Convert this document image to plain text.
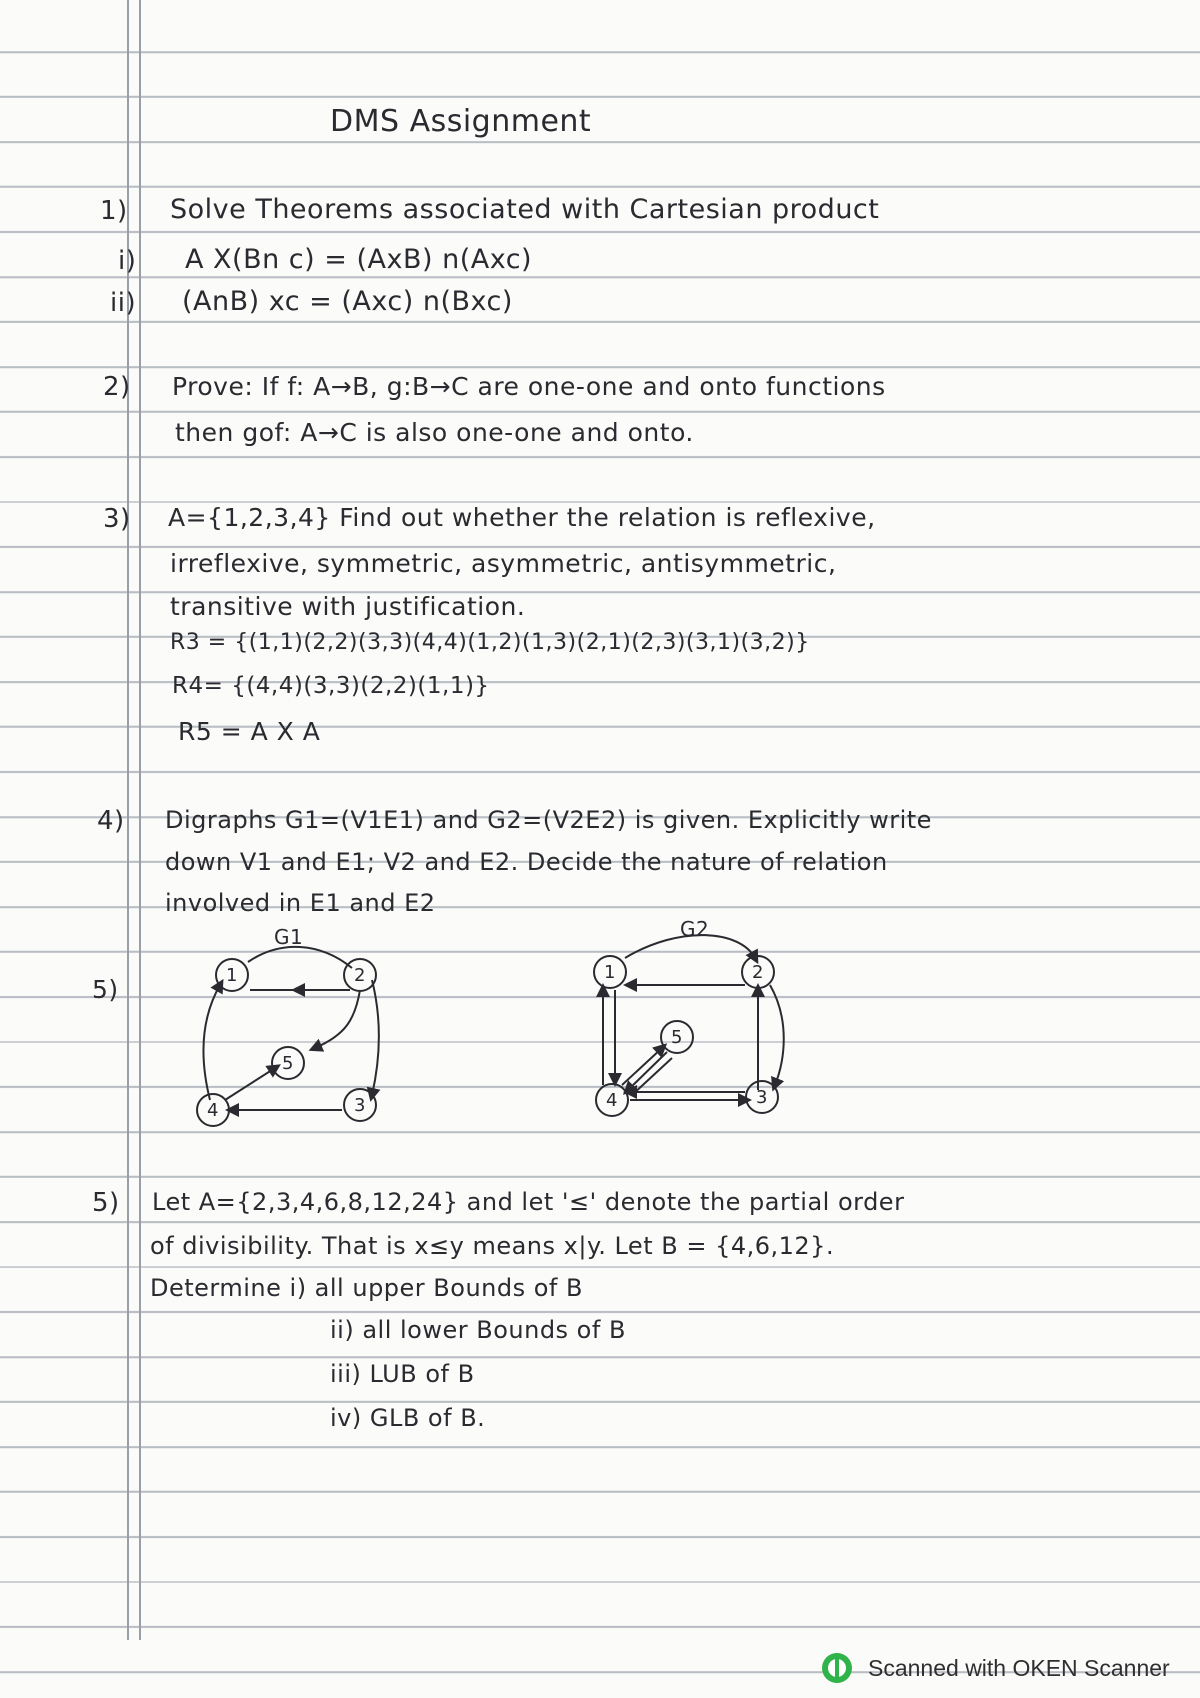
DMS Assignment
1) Solve Theorems associated with Cartesian product
i) A X(Bn c) = (AxB) n(Axc)
ii) (AnB) xc = (Axc) n(Bxc)
2) Prove: If f: A→B, g:B→C are one-one and onto functions
then gof: A→C is also one-one and onto.
3) A={1,2,3,4} Find out whether the relation is reflexive,
irreflexive, symmetric, asymmetric, antisymmetric,
transitive with justification.
R3 = {(1,1)(2,2)(3,3)(4,4)(1,2)(1,3)(2,1)(2,3)(3,1)(3,2)}
R4= {(4,4)(3,3)(2,2)(1,1)}
R5 = A X A
4) Digraphs G1=(V1E1) and G2=(V2E2) is given. Explicitly write
down V1 and E1; V2 and E2. Decide the nature of relation
involved in E1 and E2
5)
G1	G2
1	2
5
4	3
1	2
5
4	3
5) Let A={2,3,4,6,8,12,24} and let '≤' denote the partial order
of divisibility. That is x≤y means x|y. Let B = {4,6,12}.
Determine i) all upper Bounds of B
ii) all lower Bounds of B
iii) LUB of B
iv) GLB of B.
Scanned with OKEN Scanner
